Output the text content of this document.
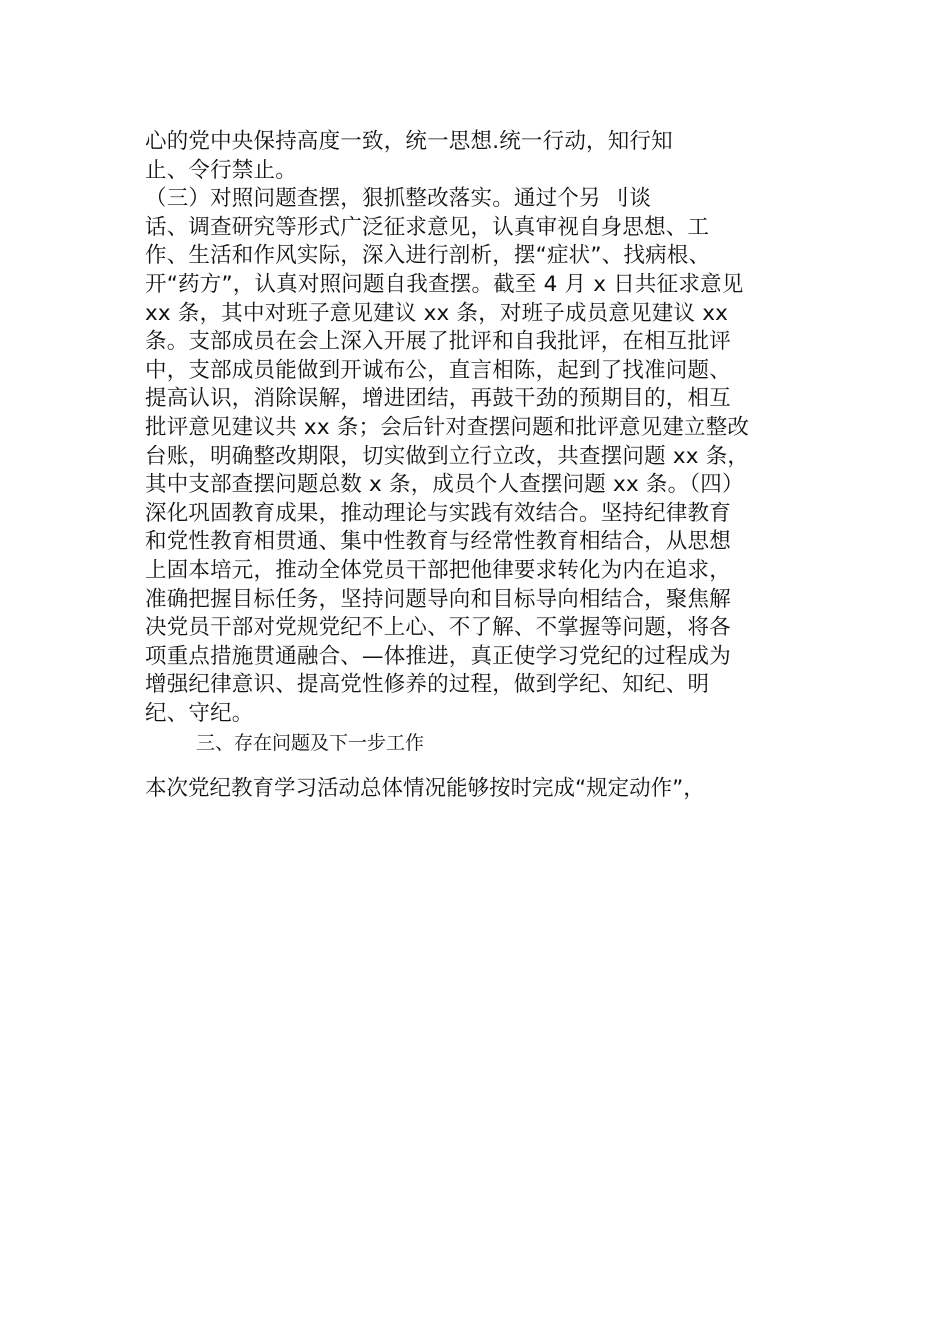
心的党中央保持高度一致，统一思想.统一行动，知行知
止、令行禁止。
（三）对照问题查摆，狠抓整改落实。通过个另 刂谈
话、调查研究等形式广泛征求意见，认真审视自身思想、工
作、生活和作风实际，深入进行剖析，摆“症状”、找病根、
开“药方”，认真对照问题自我查摆。截至 4 月 x 日共征求意见
xx 条，其中对班子意见建议 xx 条，对班子成员意见建议 xx
条。支部成员在会上深入开展了批评和自我批评，在相互批评
中，支部成员能做到开诚布公，直言相陈，起到了找准问题、
提高认识，消除误解，增进团结，再鼓干劲的预期目的，相互
批评意见建议共 xx 条；会后针对查摆问题和批评意见建立整改
台账，明确整改期限，切实做到立行立改，共查摆问题 xx 条，
其中支部查摆问题总数 x 条，成员个人查摆问题 xx 条。（四）
深化巩固教育成果，推动理论与实践有效结合。坚持纪律教育
和党性教育相贯通、集中性教育与经常性教育相结合，从思想
上固本培元，推动全体党员干部把他律要求转化为内在追求，
准确把握目标任务，坚持问题导向和目标导向相结合，聚焦解
决党员干部对党规党纪不上心、不了解、不掌握等问题，将各
项重点措施贯通融合、—体推进，真正使学习党纪的过程成为
增强纪律意识、提高党性修养的过程，做到学纪、知纪、明
纪、守纪。
三、存在问题及下一步工作
本次党纪教育学习活动总体情况能够按时完成“规定动作”，
